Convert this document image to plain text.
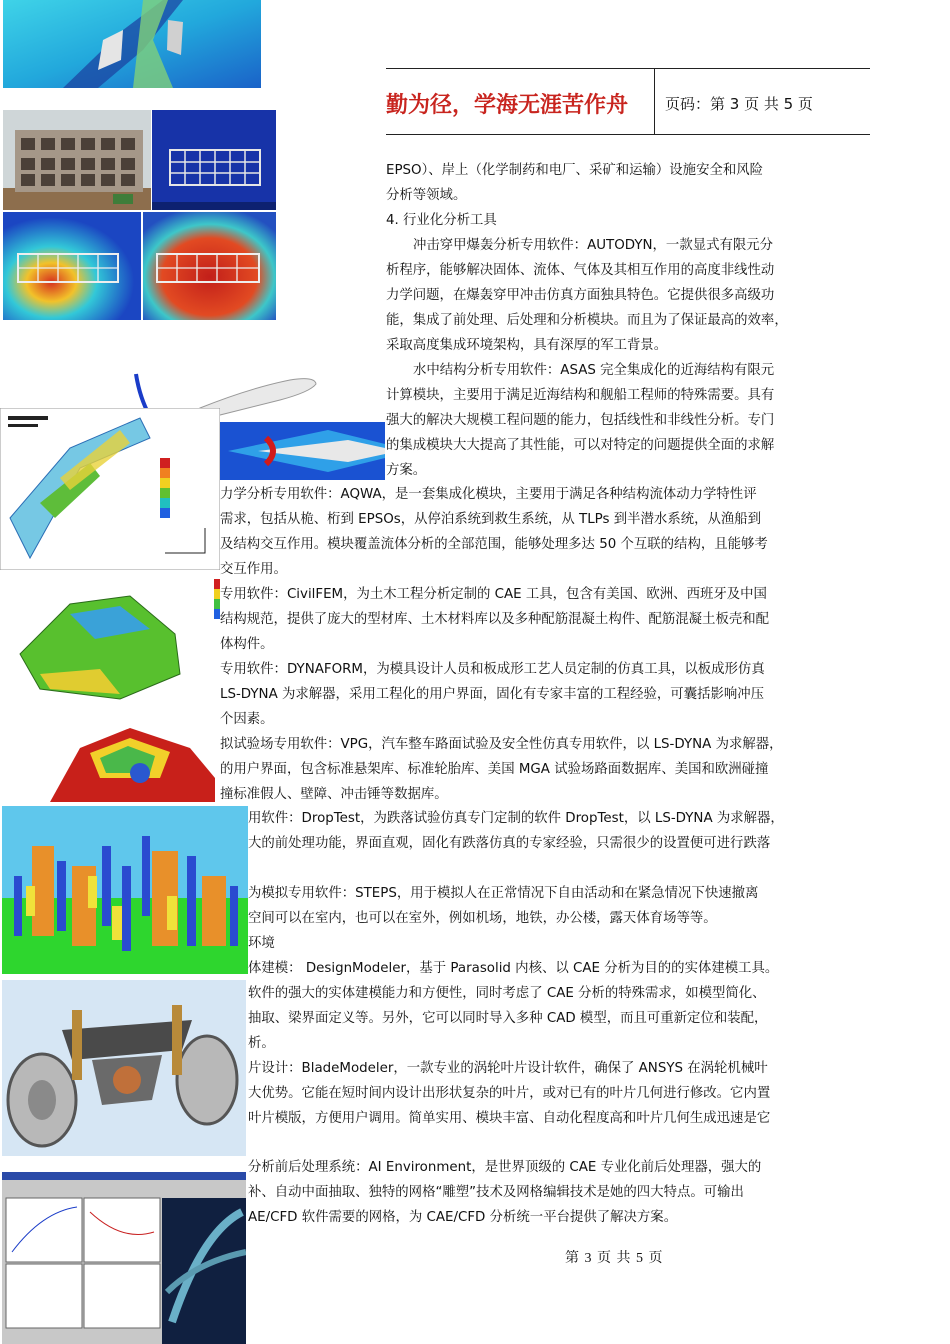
勤为径，学海无涯苦作舟 页码：第 3 页 共 5 页
EPSO）、岸上（化学制药和电厂、采矿和运输）设施安全和风险
分析等领域。
4. 行业化分析工具
冲击穿甲爆轰分析专用软件：AUTODYN，一款显式有限元分
析程序，能够解决固体、流体、气体及其相互作用的高度非线性动
力学问题，在爆轰穿甲冲击仿真方面独具特色。它提供很多高级功
能，集成了前处理、后处理和分析模块。而且为了保证最高的效率，
采取高度集成环境架构，具有深厚的军工背景。
水中结构分析专用软件：ASAS 完全集成化的近海结构有限元
计算模块，主要用于满足近海结构和舰船工程师的特殊需要。具有
强大的解决大规模工程问题的能力，包括线性和非线性分析。专门
的集成模块大大提高了其性能，可以对特定的问题提供全面的求解
方案。
力学分析专用软件：AQWA，是一套集成化模块，主要用于满足各种结构流体动力学特性评
需求，包括从桅、桁到 EPSOs，从停泊系统到救生系统，从 TLPs 到半潜水系统，从渔船到
及结构交互作用。模块覆盖流体分析的全部范围，能够处理多达 50 个互联的结构，且能够考
交互作用。
专用软件：CivilFEM，为土木工程分析定制的 CAE 工具，包含有美国、欧洲、西班牙及中国
结构规范，提供了庞大的型材库、土木材料库以及多种配筋混凝土构件、配筋混凝土板壳和配
体构件。
专用软件：DYNAFORM，为模具设计人员和板成形工艺人员定制的仿真工具，以板成形仿真
LS-DYNA 为求解器，采用工程化的用户界面，固化有专家丰富的工程经验，可囊括影响冲压
个因素。
拟试验场专用软件：VPG，汽车整车路面试验及安全性仿真专用软件，以 LS-DYNA 为求解器，
的用户界面，包含标准悬架库、标准轮胎库、美国 MGA 试验场路面数据库、美国和欧洲碰撞
撞标准假人、壁障、冲击锤等数据库。
用软件：DropTest，为跌落试验仿真专门定制的软件 DropTest，以 LS-DYNA 为求解器，
大的前处理功能，界面直观，固化有跌落仿真的专家经验，只需很少的设置便可进行跌落
为模拟专用软件：STEPS，用于模拟人在正常情况下自由活动和在紧急情况下快速撤离
空间可以在室内，也可以在室外，例如机场，地铁，办公楼，露天体育场等等。
环境
体建模： DesignModeler，基于 Parasolid 内核、以 CAE 分析为目的的实体建模工具。
软件的强大的实体建模能力和方便性，同时考虑了 CAE 分析的特殊需求，如模型简化、
抽取、梁界面定义等。另外，它可以同时导入多种 CAD 模型，而且可重新定位和装配，
析。
片设计：BladeModeler，一款专业的涡轮叶片设计软件，确保了 ANSYS 在涡轮机械叶
大优势。它能在短时间内设计出形状复杂的叶片，或对已有的叶片几何进行修改。它内置
叶片模版，方便用户调用。简单实用、模块丰富、自动化程度高和叶片几何生成迅速是它
分析前后处理系统：AI Environment，是世界顶级的 CAE 专业化前后处理器，强大的
补、自动中面抽取、独特的网格“雕塑”技术及网格编辑技术是她的四大特点。可输出
AE/CFD 软件需要的网格，为 CAE/CFD 分析统一平台提供了解决方案。
第 3 页 共 5 页
